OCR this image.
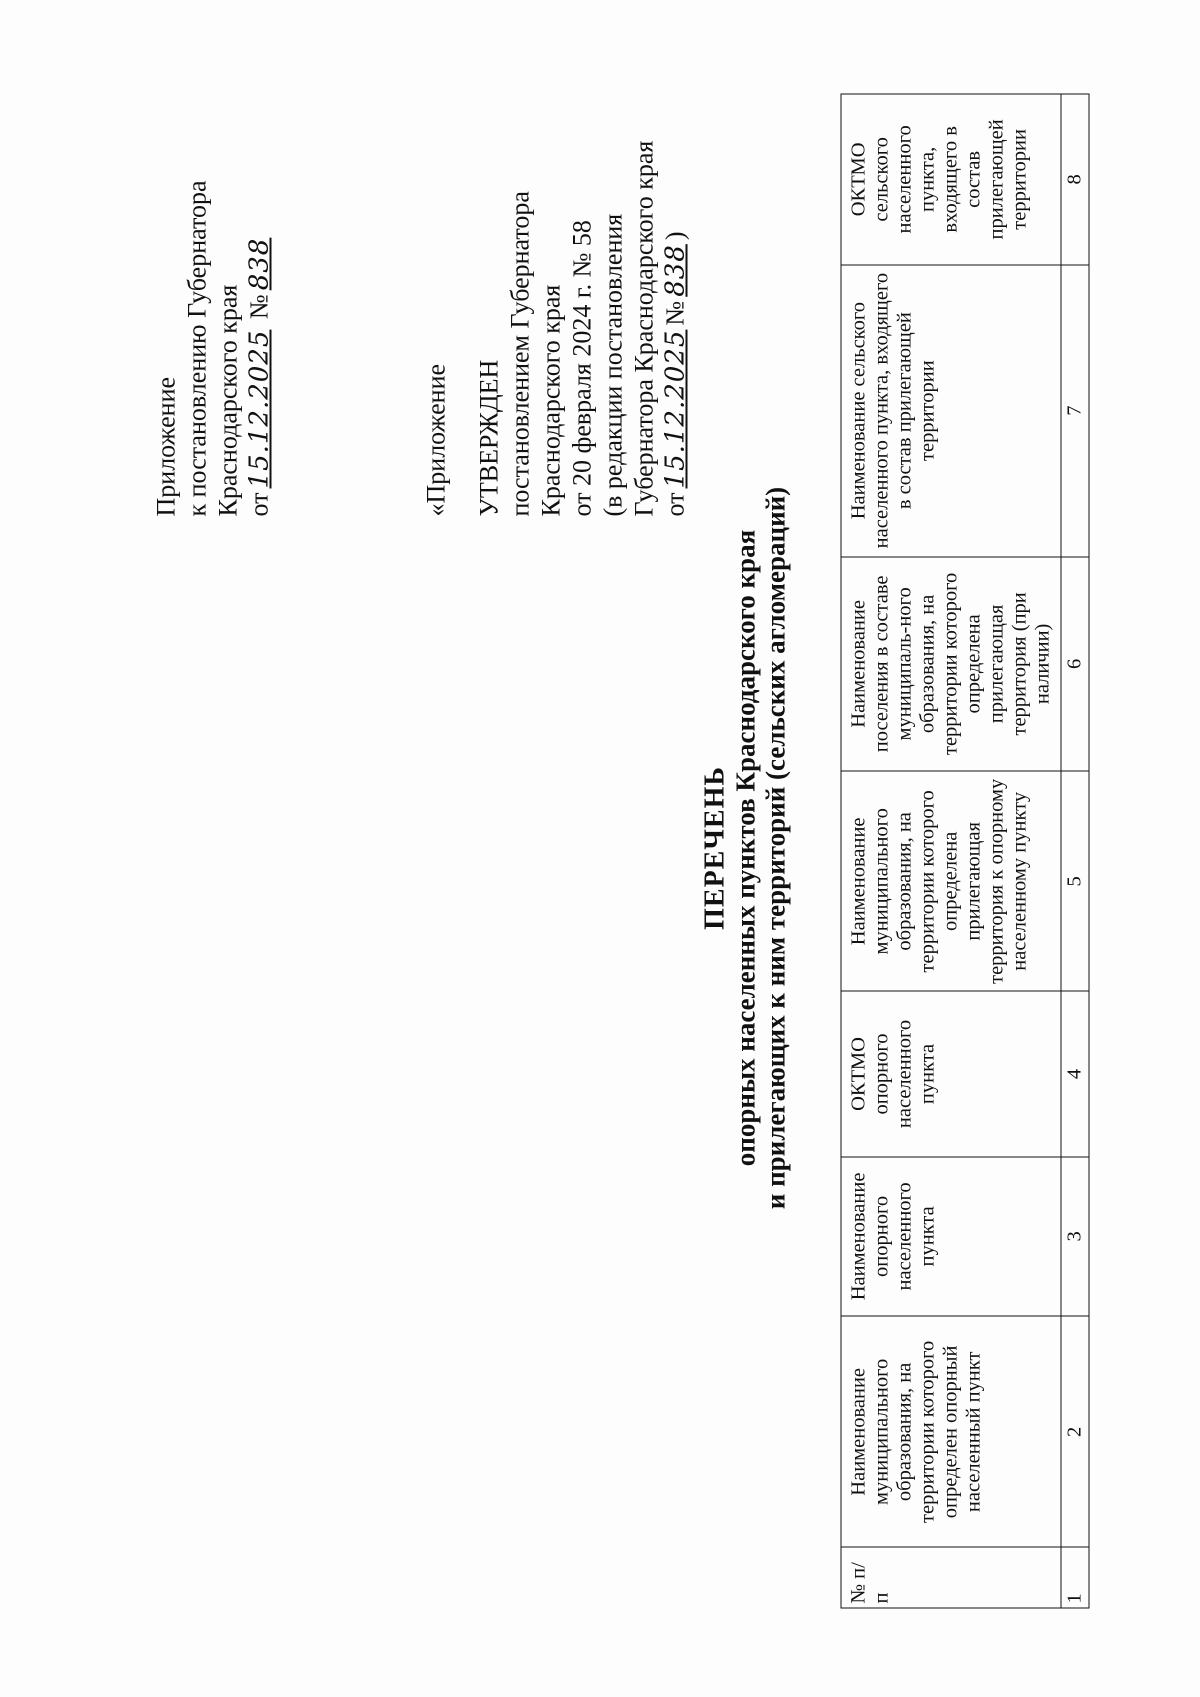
Приложение к постановлению Губернатора Краснодарского края от15.12.2025 №838
«Приложение УТВЕРЖДЕН постановлением Губернатора Краснодарского края от 20 февраля 2024 г. № 58 (в редакции постановления Губернатора Краснодарского края от15.12.2025№838)
ПЕРЕЧЕНЬ опорных населенных пунктов Краснодарского края и прилегающих к ним территорий (сельских агломераций)
№ п/п	Наименование муниципального образования, на территории которого определен опорный населенный пункт	Наименование опорного населенного пункта	ОКТМО опорного населенного пункта	Наименование муниципального образования, на территории которого определена прилегающая территория к опорному населенному пункту	Наименование поселения в составе муниципаль-ного образования, на территории которого определена прилегающая территория (при наличии)	Наименование сельского населенного пункта, входящего в состав прилегающей территории	ОКТМО сельского населенного пункта, входящего в состав прилегающей территории
1	2	3	4	5	6	7	8
